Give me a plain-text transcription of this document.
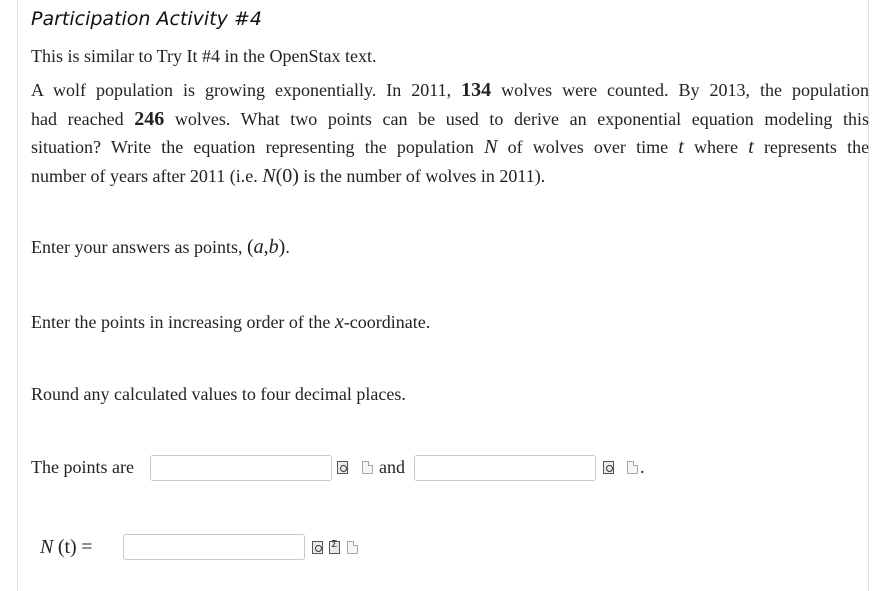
Participation Activity #4
This is similar to Try It #4 in the OpenStax text.
A wolf population is growing exponentially. In 2011, 134 wolves were counted. By 2013, the population
had reached 246 wolves. What two points can be used to derive an exponential equation modeling this
situation? Write the equation representing the population N of wolves over time t where t represents the
number of years after 2011 (i.e. N(0) is the number of wolves in 2011).
Enter your answers as points, (a,b).
Enter the points in increasing order of the x-coordinate.
Round any calculated values to four decimal places.
The points are	and	.
N (t) =
Σ
